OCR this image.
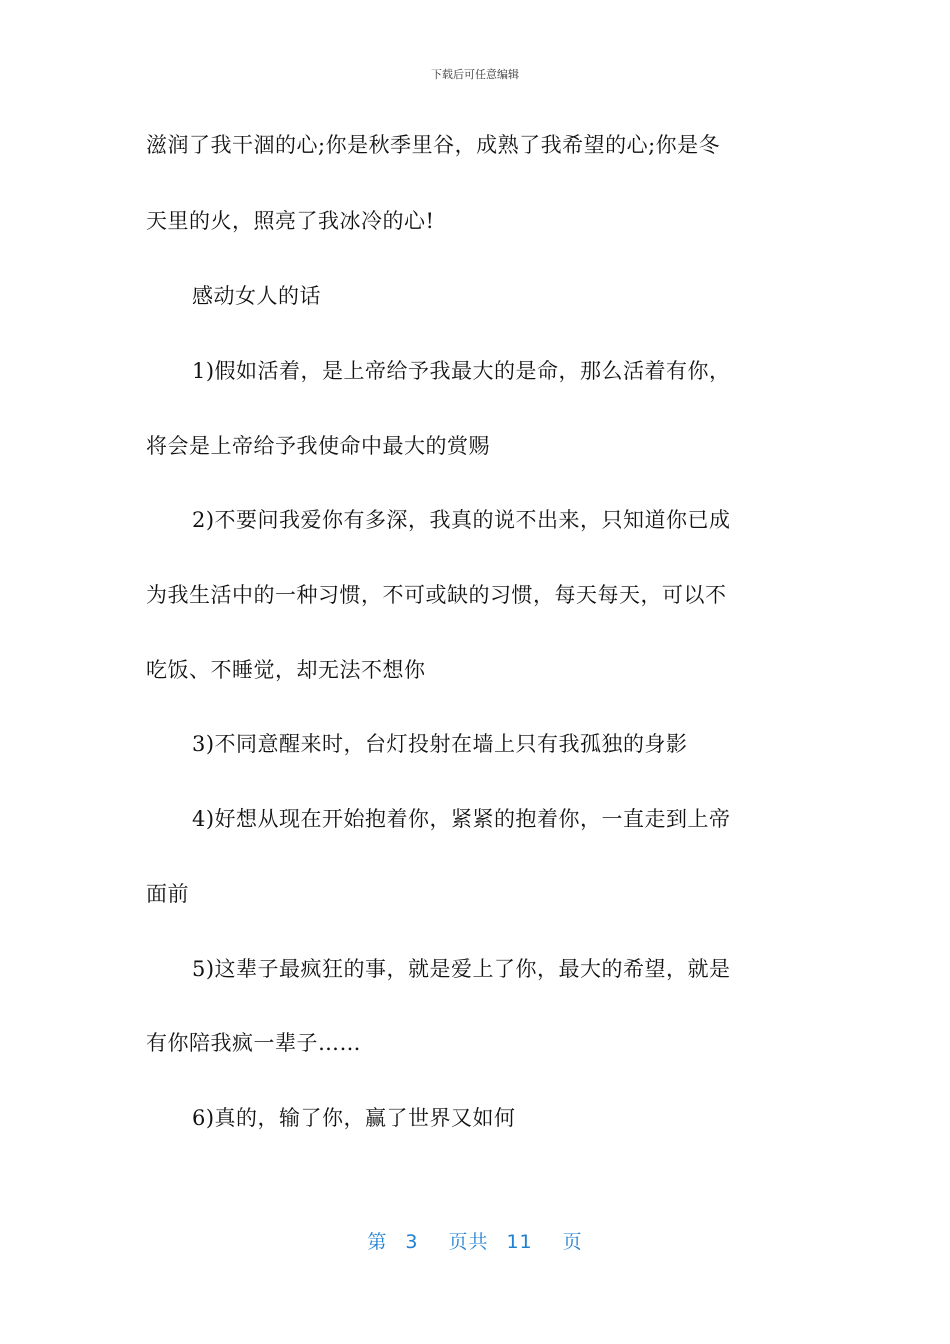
下载后可任意编辑
滋润了我干涸的心;你是秋季里谷，成熟了我希望的心;你是冬
天里的火，照亮了我冰冷的心!
感动女人的话
1)假如活着，是上帝给予我最大的是命，那么活着有你，
将会是上帝给予我使命中最大的赏赐
2)不要问我爱你有多深，我真的说不出来，只知道你已成
为我生活中的一种习惯，不可或缺的习惯，每天每天，可以不
吃饭、不睡觉，却无法不想你
3)不同意醒来时，台灯投射在墙上只有我孤独的身影
4)好想从现在开始抱着你，紧紧的抱着你，一直走到上帝
面前
5)这辈子最疯狂的事，就是爱上了你，最大的希望，就是
有你陪我疯一辈子……
6)真的，输了你，赢了世界又如何
第 3 页共 11 页
